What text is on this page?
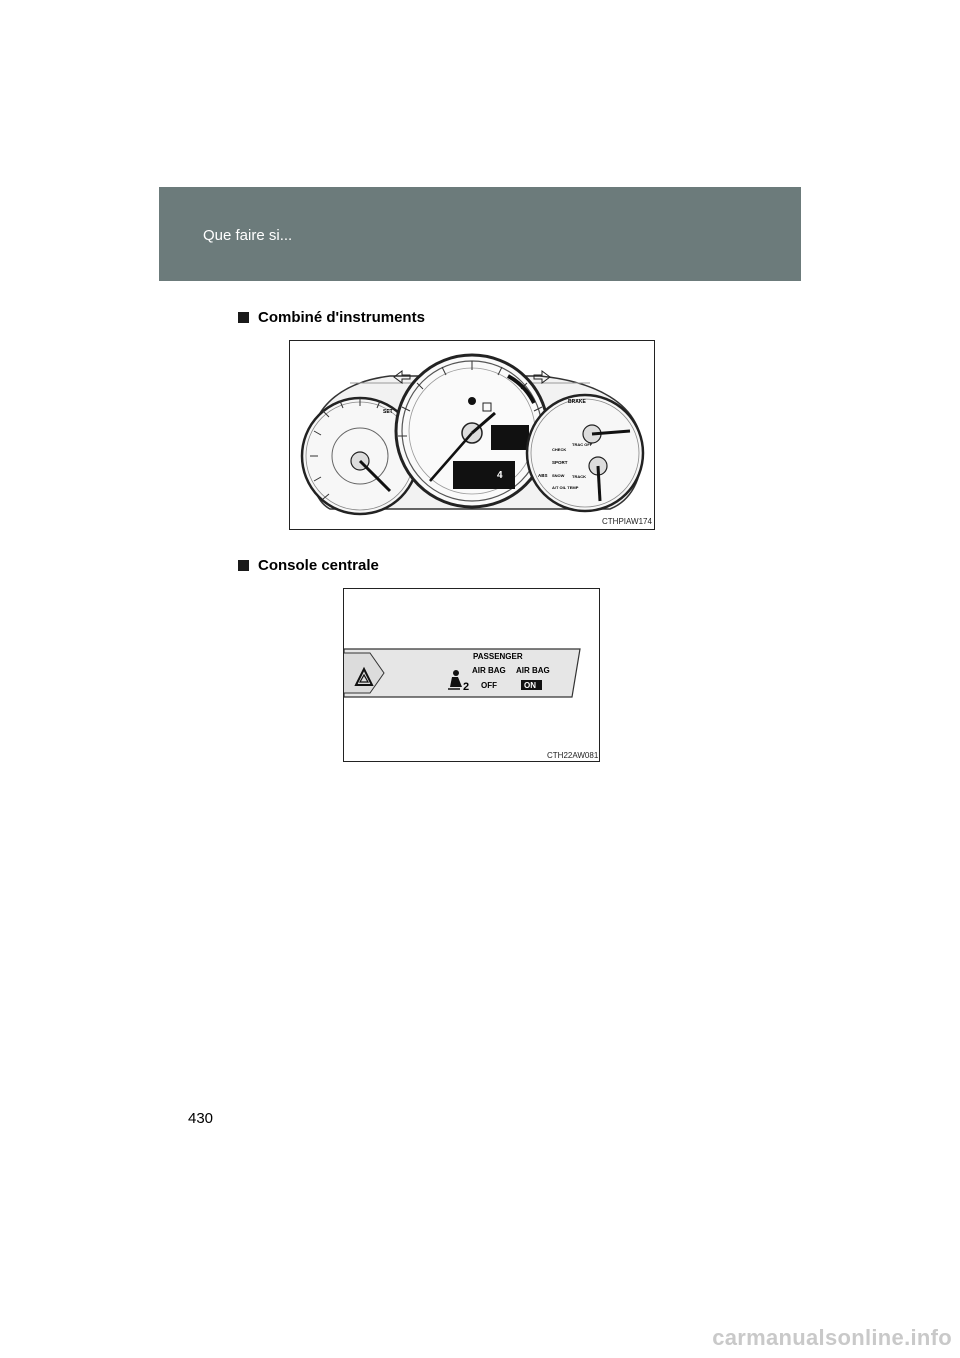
Que faire si...
Combiné d'instruments
SET
4
BRAKE
TRAC OFF
CHECK
SPORT
ABS SNOW TRACK
A/T OIL TEMP
CTHPIAW174
Console centrale
2
PASSENGER
AIR BAG AIR BAG
OFF	ON
CTH22AW081
430
carmanualsonline.info
